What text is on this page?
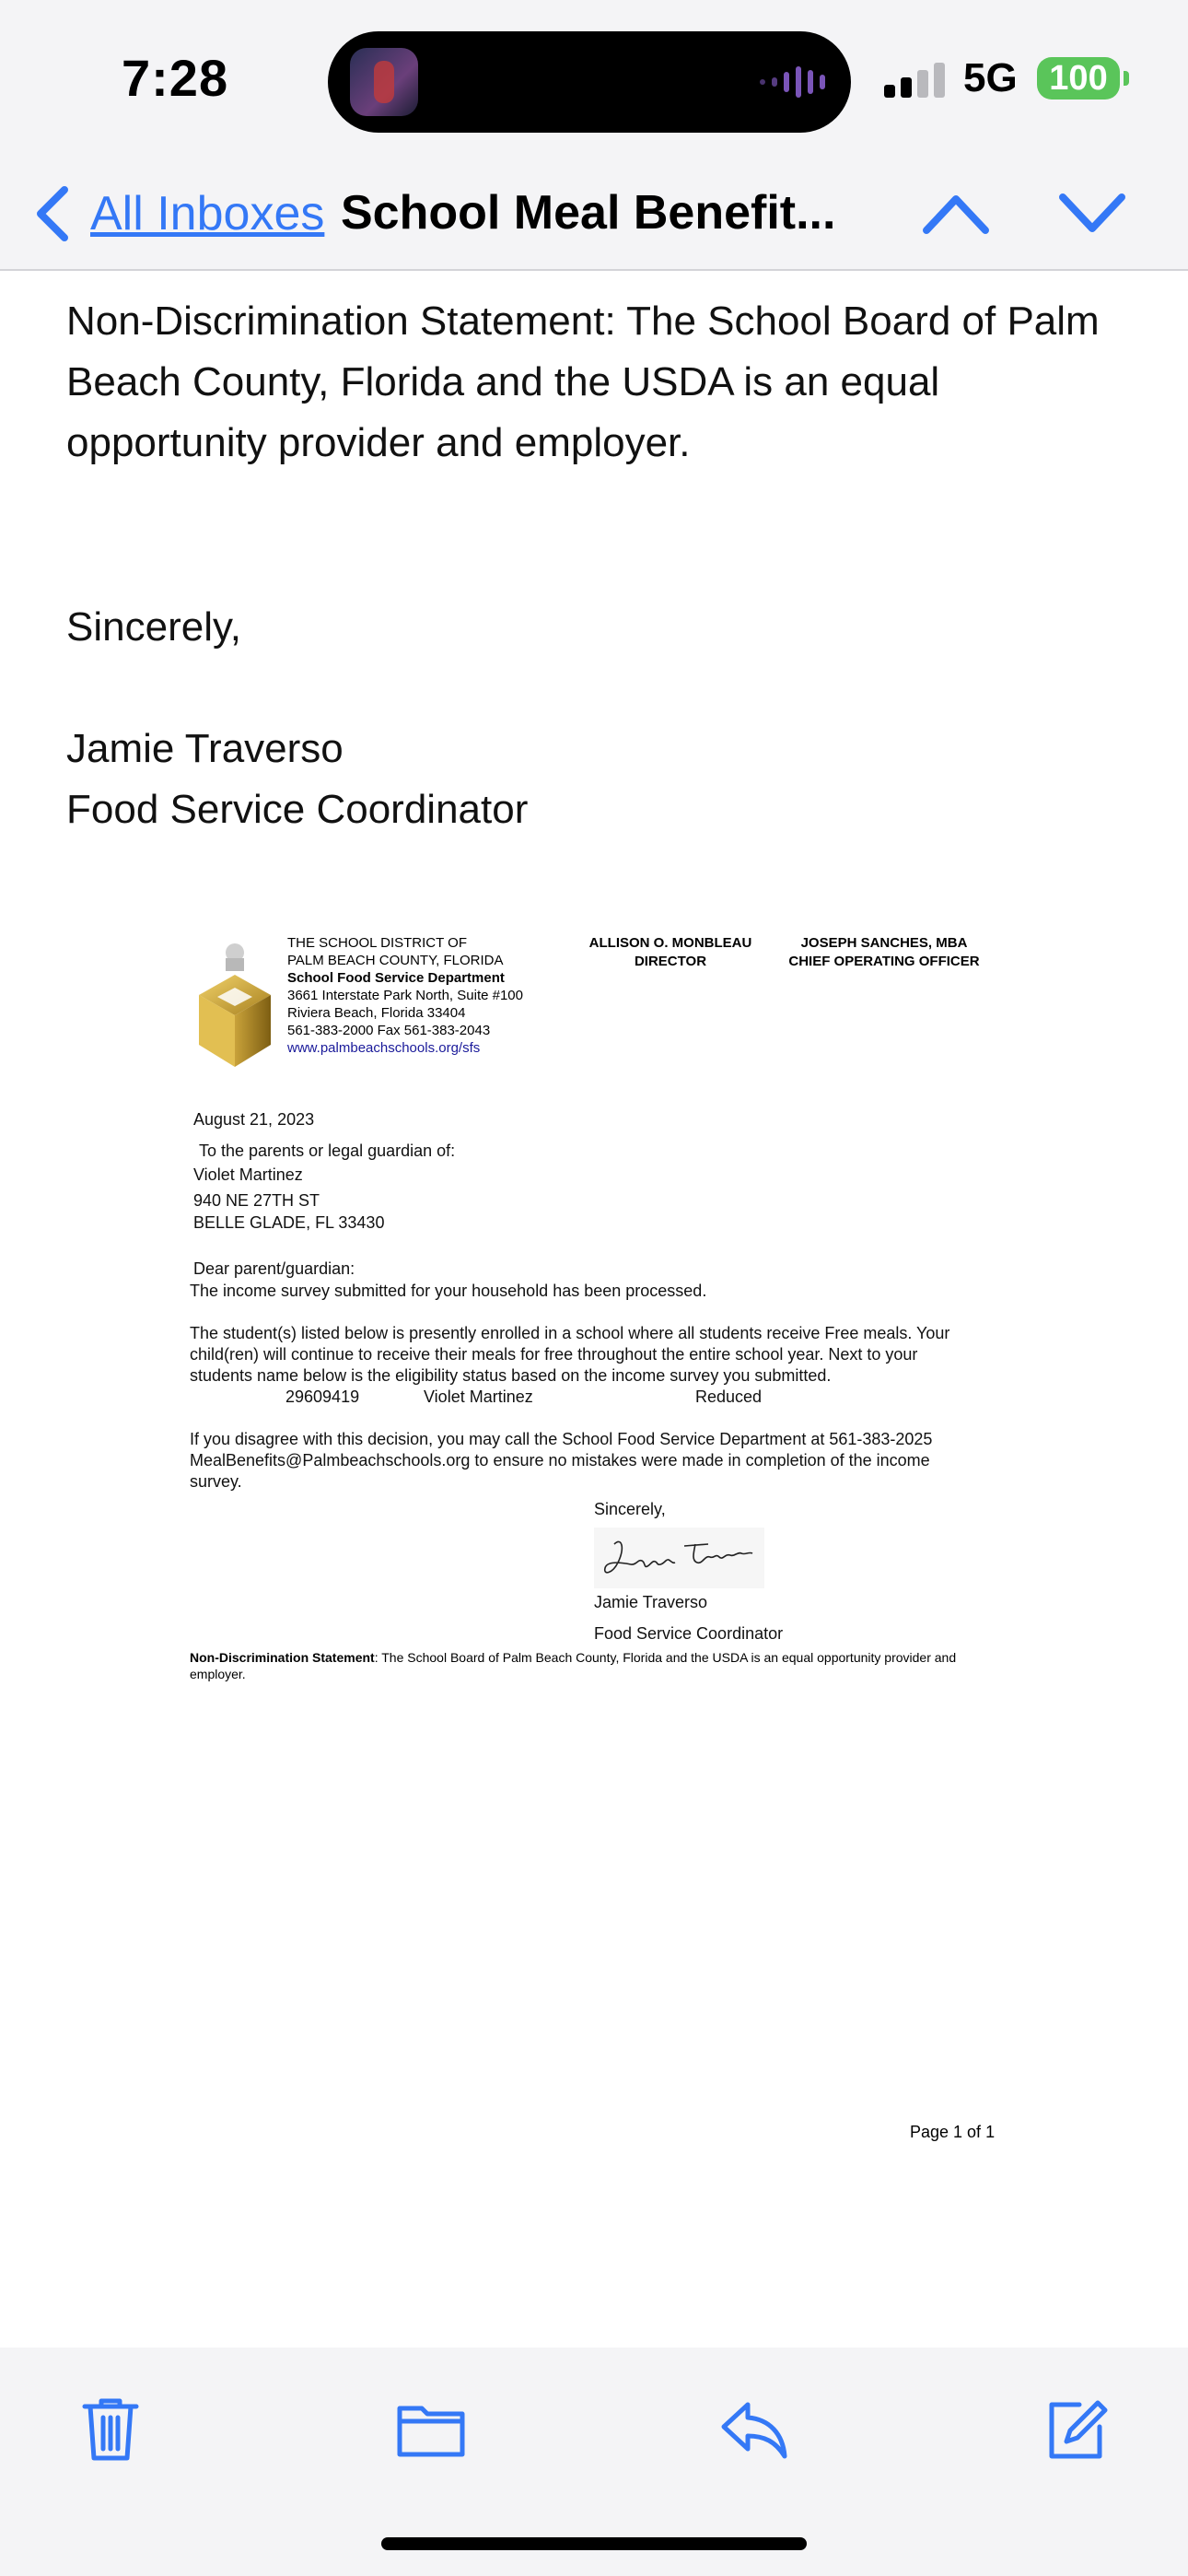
7:28	5G 100
All Inboxes School Meal Benefit...
Non-Discrimination Statement: The School Board of Palm Beach County, Florida and the USDA is an equal opportunity provider and employer.
Sincerely,
Jamie Traverso
Food Service Coordinator
THE SCHOOL DISTRICT OF
PALM BEACH COUNTY, FLORIDA
School Food Service Department
3661 Interstate Park North, Suite #100
Riviera Beach, Florida 33404
561-383-2000 Fax 561-383-2043
www.palmbeachschools.org/sfs
ALLISON O. MONBLEAU
DIRECTOR
JOSEPH SANCHES, MBA
CHIEF OPERATING OFFICER
August 21, 2023
To the parents or legal guardian of:
Violet Martinez
940 NE 27TH ST
BELLE GLADE, FL 33430
Dear parent/guardian:
The income survey submitted for your household has been processed.
The student(s) listed below is presently enrolled in a school where all students receive Free meals. Your
child(ren) will continue to receive their meals for free throughout the entire school year. Next to your
students name below is the eligibility status based on the income survey you submitted.
29609419	Violet Martinez	Reduced
If you disagree with this decision, you may call the School Food Service Department at 561-383-2025
MealBenefits@Palmbeachschools.org to ensure no mistakes were made in completion of the income
survey.
Sincerely,
Jamie Traverso
Food Service Coordinator
Non-Discrimination Statement: The School Board of Palm Beach County, Florida and the USDA is an equal opportunity provider and employer.
Page 1 of 1
